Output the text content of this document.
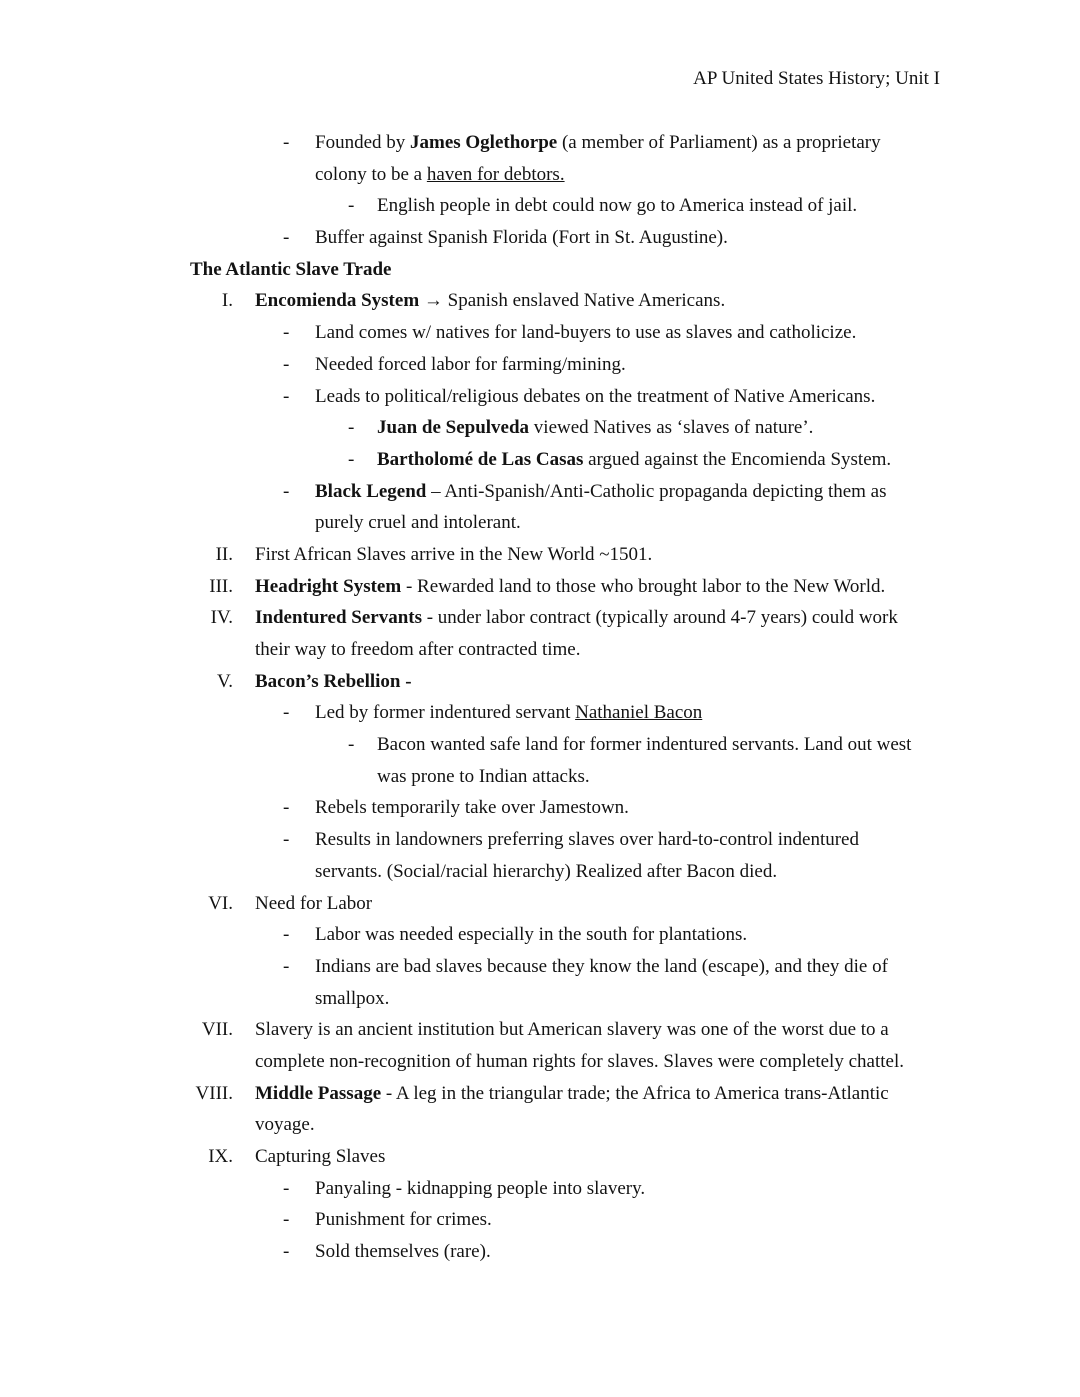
AP United States History; Unit I
- Founded by James Oglethorpe (a member of Parliament) as a proprietary
colony to be a haven for debtors.
- English people in debt could now go to America instead of jail.
- Buffer against Spanish Florida (Fort in St. Augustine).
The Atlantic Slave Trade
I. Encomienda System → Spanish enslaved Native Americans.
- Land comes w/ natives for land-buyers to use as slaves and catholicize.
- Needed forced labor for farming/mining.
- Leads to political/religious debates on the treatment of Native Americans.
- Juan de Sepulveda viewed Natives as ‘slaves of nature’.
- Bartholomé de Las Casas argued against the Encomienda System.
- Black Legend – Anti-Spanish/Anti-Catholic propaganda depicting them as
purely cruel and intolerant.
II. First African Slaves arrive in the New World ~1501.
III. Headright System - Rewarded land to those who brought labor to the New World.
IV. Indentured Servants - under labor contract (typically around 4-7 years) could work
their way to freedom after contracted time.
V. Bacon’s Rebellion -
- Led by former indentured servant Nathaniel Bacon
- Bacon wanted safe land for former indentured servants. Land out west
was prone to Indian attacks.
- Rebels temporarily take over Jamestown.
- Results in landowners preferring slaves over hard-to-control indentured
servants. (Social/racial hierarchy) Realized after Bacon died.
VI. Need for Labor
- Labor was needed especially in the south for plantations.
- Indians are bad slaves because they know the land (escape), and they die of
smallpox.
VII. Slavery is an ancient institution but American slavery was one of the worst due to a
complete non-recognition of human rights for slaves. Slaves were completely chattel.
VIII. Middle Passage - A leg in the triangular trade; the Africa to America trans-Atlantic
voyage.
IX. Capturing Slaves
- Panyaling - kidnapping people into slavery.
- Punishment for crimes.
- Sold themselves (rare).
